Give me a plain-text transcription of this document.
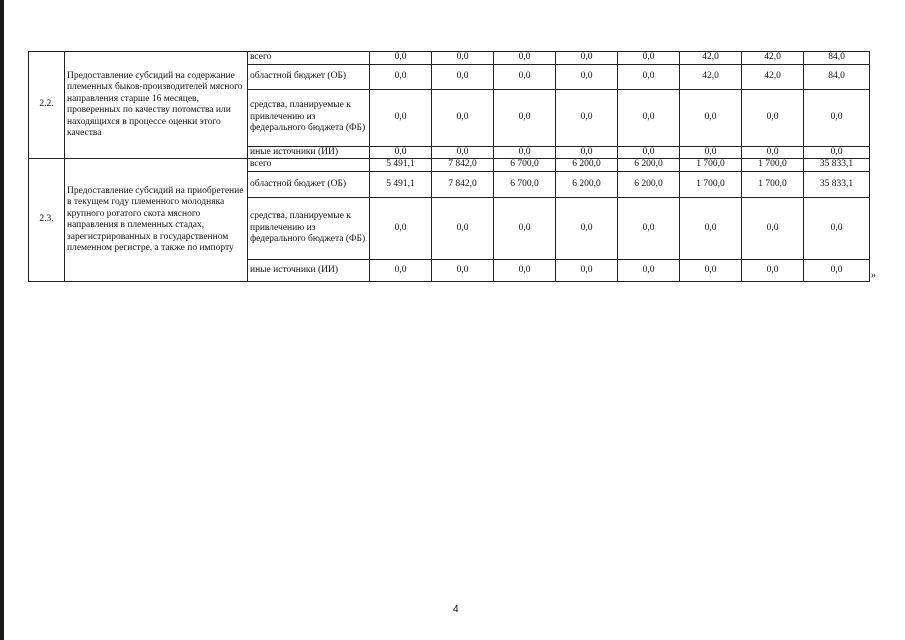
2.2.	Предоставление субсидий на содержание племенных быков-производителей мясного направления старше 16 месяцев, проверенных по качеству потомства или находящихся в процессе оценки этого качества	всего	0,0	0,0	0,0	0,0	0,0	42,0	42,0	84,0
		областной бюджет (ОБ)	0,0	0,0	0,0	0,0	0,0	42,0	42,0	84,0
		средства, планируемые к привлечению из федерального бюджета (ФБ)	0,0	0,0	0,0	0,0	0,0	0,0	0,0	0,0
		иные источники (ИИ)	0,0	0,0	0,0	0,0	0,0	0,0	0,0	0,0
2.3.	Предоставление субсидий на приобретение в текущем году племенного молодняка крупного рогатого скота мясного направления в племенных стадах, зарегистрированных в государственном племенном регистре, а также по импорту	всего	5 491,1	7 842,0	6 700,0	6 200,0	6 200,0	1 700,0	1 700,0	35 833,1
		областной бюджет (ОБ)	5 491,1	7 842,0	6 700,0	6 200,0	6 200,0	1 700,0	1 700,0	35 833,1
		средства, планируемые к привлечению из федерального бюджета (ФБ)	0,0	0,0	0,0	0,0	0,0	0,0	0,0	0,0
		иные источники (ИИ)	0,0	0,0	0,0	0,0	0,0	0,0	0,0	0,0
»
4
